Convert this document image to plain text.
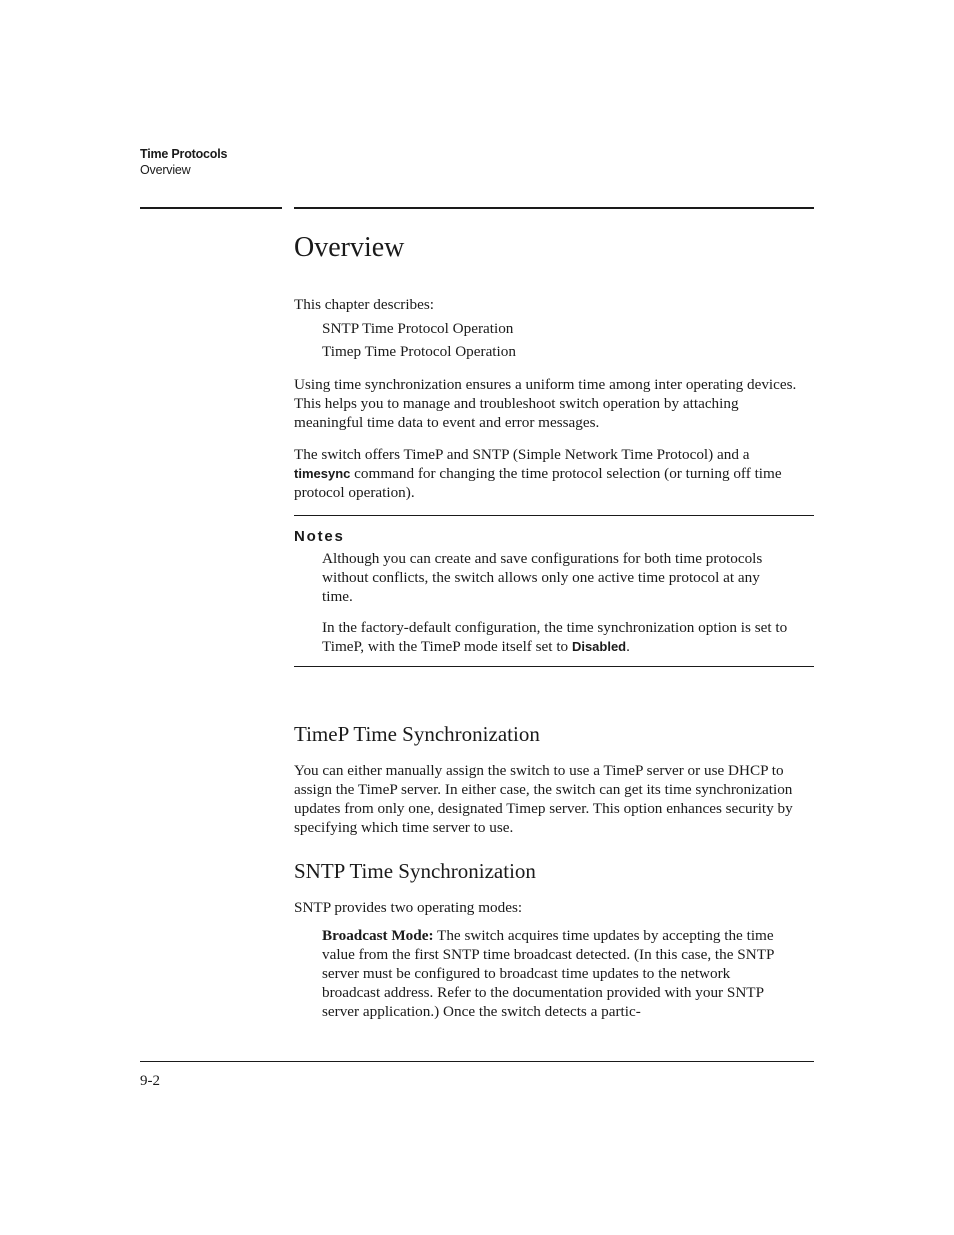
Time Protocols
Overview
Overview

This chapter describes:

SNTP Time Protocol Operation

Timep Time Protocol Operation

Using time synchronization ensures a uniform time among inter operating devices. This helps you to manage and troubleshoot switch operation by attaching meaningful time data to event and error messages.

The switch offers TimeP and SNTP (Simple Network Time Protocol) and a timesync command for changing the time protocol selection (or turning off time protocol operation).

Notes

Although you can create and save configurations for both time protocols without conflicts, the switch allows only one active time protocol at any time.

In the factory-default configuration, the time synchronization option is set to TimeP, with the TimeP mode itself set to Disabled.

TimeP Time Synchronization

You can either manually assign the switch to use a TimeP server or use DHCP to assign the TimeP server. In either case, the switch can get its time synchronization updates from only one, designated Timep server. This option enhances security by specifying which time server to use.

SNTP Time Synchronization

SNTP provides two operating modes:

Broadcast Mode: The switch acquires time updates by accepting the time value from the first SNTP time broadcast detected. (In this case, the SNTP server must be configured to broadcast time updates to the network broadcast address. Refer to the documentation provided with your SNTP server application.) Once the switch detects a partic-

9-2
